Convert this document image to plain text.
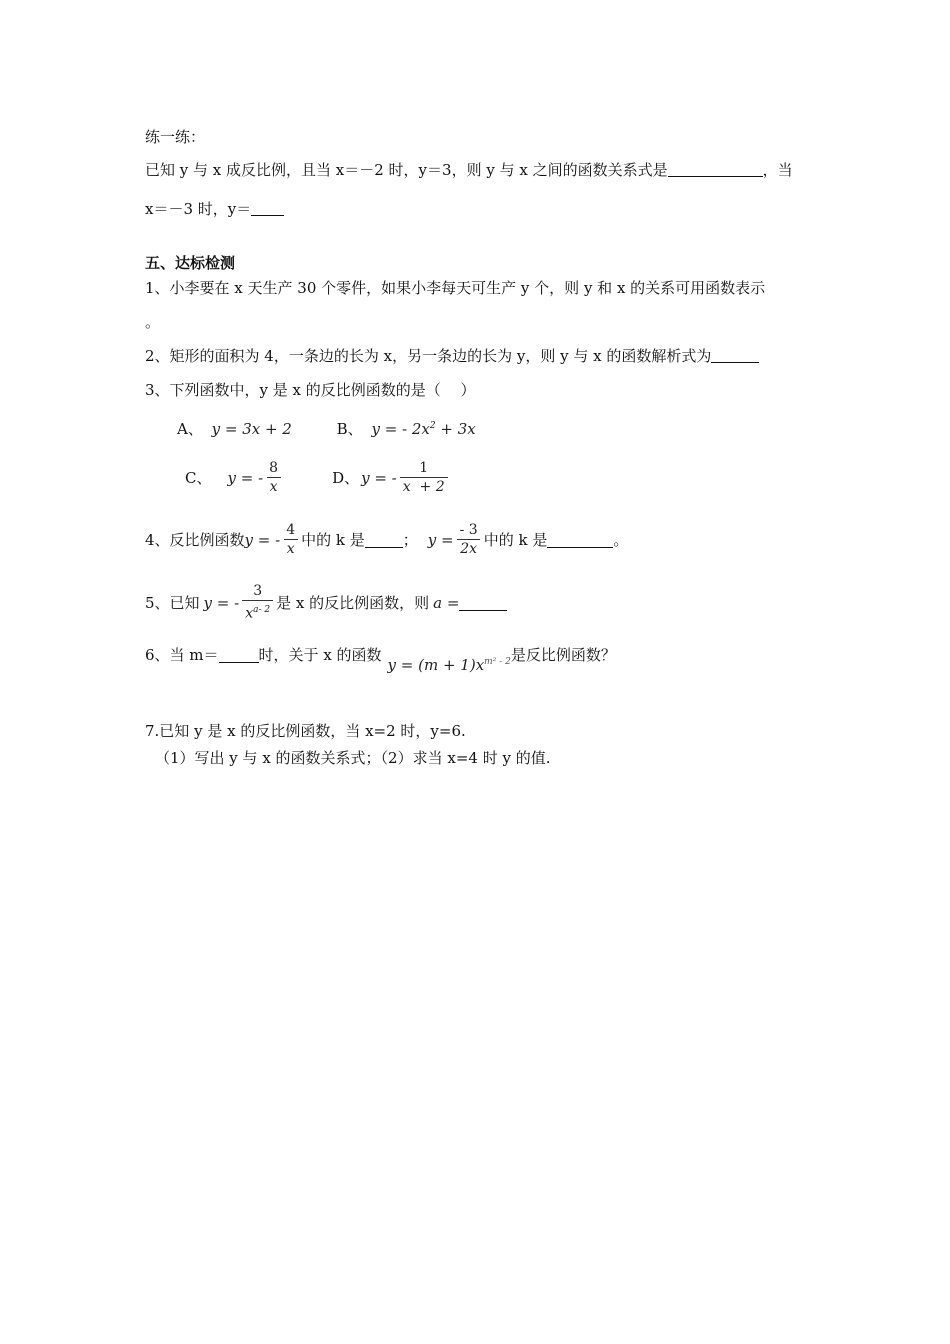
练一练：
已知 y 与 x 成反比例，且当 x＝－2 时，y＝3，则 y 与 x 之间的函数关系式是	，当
x＝－3 时，y＝
五、达标检测
1、小李要在 x 天生产 30 个零件，如果小李每天可生产 y 个，则 y 和 x 的关系可用函数表示
。
2、矩形的面积为 4，一条边的长为 x，另一条边的长为 y，则 y 与 x 的函数解析式为
3、下列函数中，y 是 x 的反比例函数的是（　 ）
A、 y = 3x + 2	B、 y = - $2x^2 + 3x$
C、 y = - $\frac{8}{x}$	D、 y = - $\frac{1}{x + 2}$
4、反比例函数 y = - $\frac{4}{x}$ 中的 k 是	； $y = \frac{- 3}{2x}$ 中的 k 是	。
5、已知 y = - $\frac{3}{x^{a- 2}}$ 是 x 的反比例函数，则 a =
6、当 m＝	时，关于 x 的函数
$y = (m + 1)x^{m^2 - 2}$ 是反比例函数？
7.已知 y 是 x 的反比例函数，当 x=2 时，y=6.
（1）写出 y 与 x 的函数关系式；（2）求当 x=4 时 y 的值.
